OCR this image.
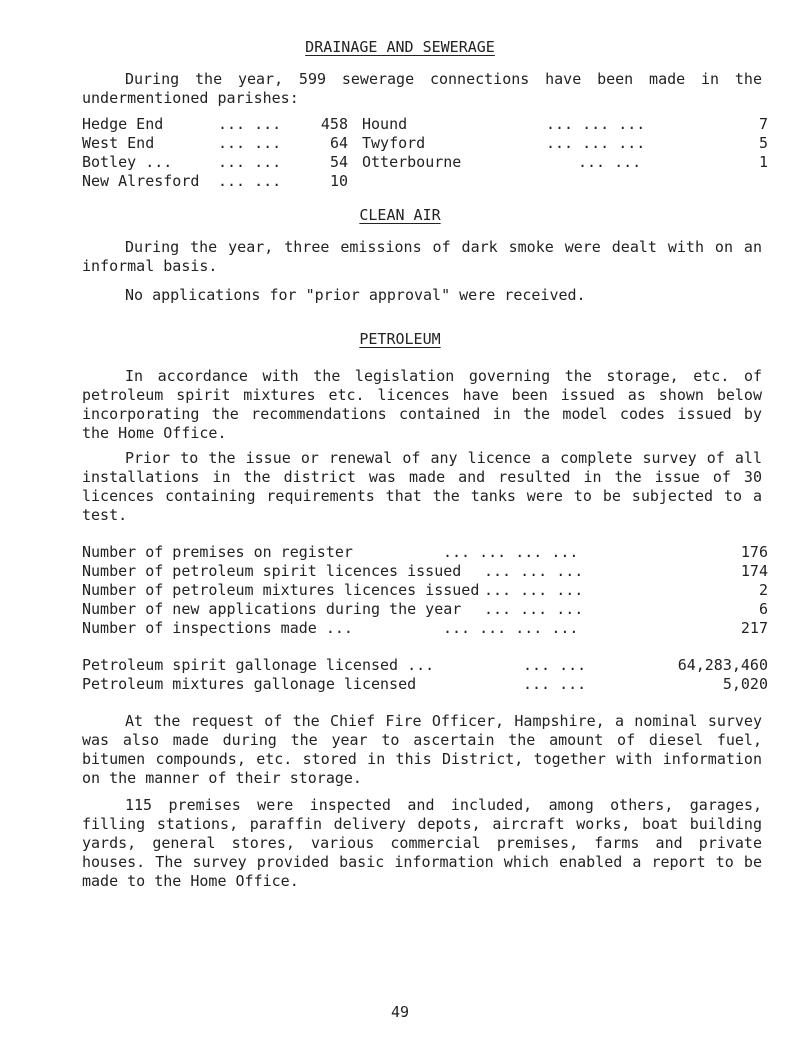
DRAINAGE AND SEWERAGE

During the year, 599 sewerage connections have been made in the undermentioned parishes:

Hedge End	... ...	458
West End	... ...	64
Botley ...	... ...	54
New Alresford ... ...	10
Hound	... ... ...	7
Twyford	... ... ...	5
Otterbourne	... ...	1
CLEAN AIR

During the year, three emissions of dark smoke were dealt with on an informal basis.

No applications for "prior approval" were received.

PETROLEUM

In accordance with the legislation governing the storage, etc. of petroleum spirit mixtures etc. licences have been issued as shown below incorporating the recommendations contained in the model codes issued by the Home Office.

Prior to the issue or renewal of any licence a complete survey of all installations in the district was made and resulted in the issue of 30 licences containing requirements that the tanks were to be subjected to a test.

Number of premises on register	... ... ... ...	176
Number of petroleum spirit licences issued ... ... ...	174
Number of petroleum mixtures licences issued ... ... ...	2
Number of new applications during the year ... ... ...	6
Number of inspections made ...	... ... ... ...	217
Petroleum spirit gallonage licensed ...	... ...	64,283,460
Petroleum mixtures gallonage licensed	... ...	5,020

At the request of the Chief Fire Officer, Hampshire, a nominal survey was also made during the year to ascertain the amount of diesel fuel, bitumen compounds, etc. stored in this District, together with information on the manner of their storage.

115 premises were inspected and included, among others, garages, filling stations, paraffin delivery depots, aircraft works, boat building yards, general stores, various commercial premises, farms and private houses. The survey provided basic information which enabled a report to be made to the Home Office.

49
